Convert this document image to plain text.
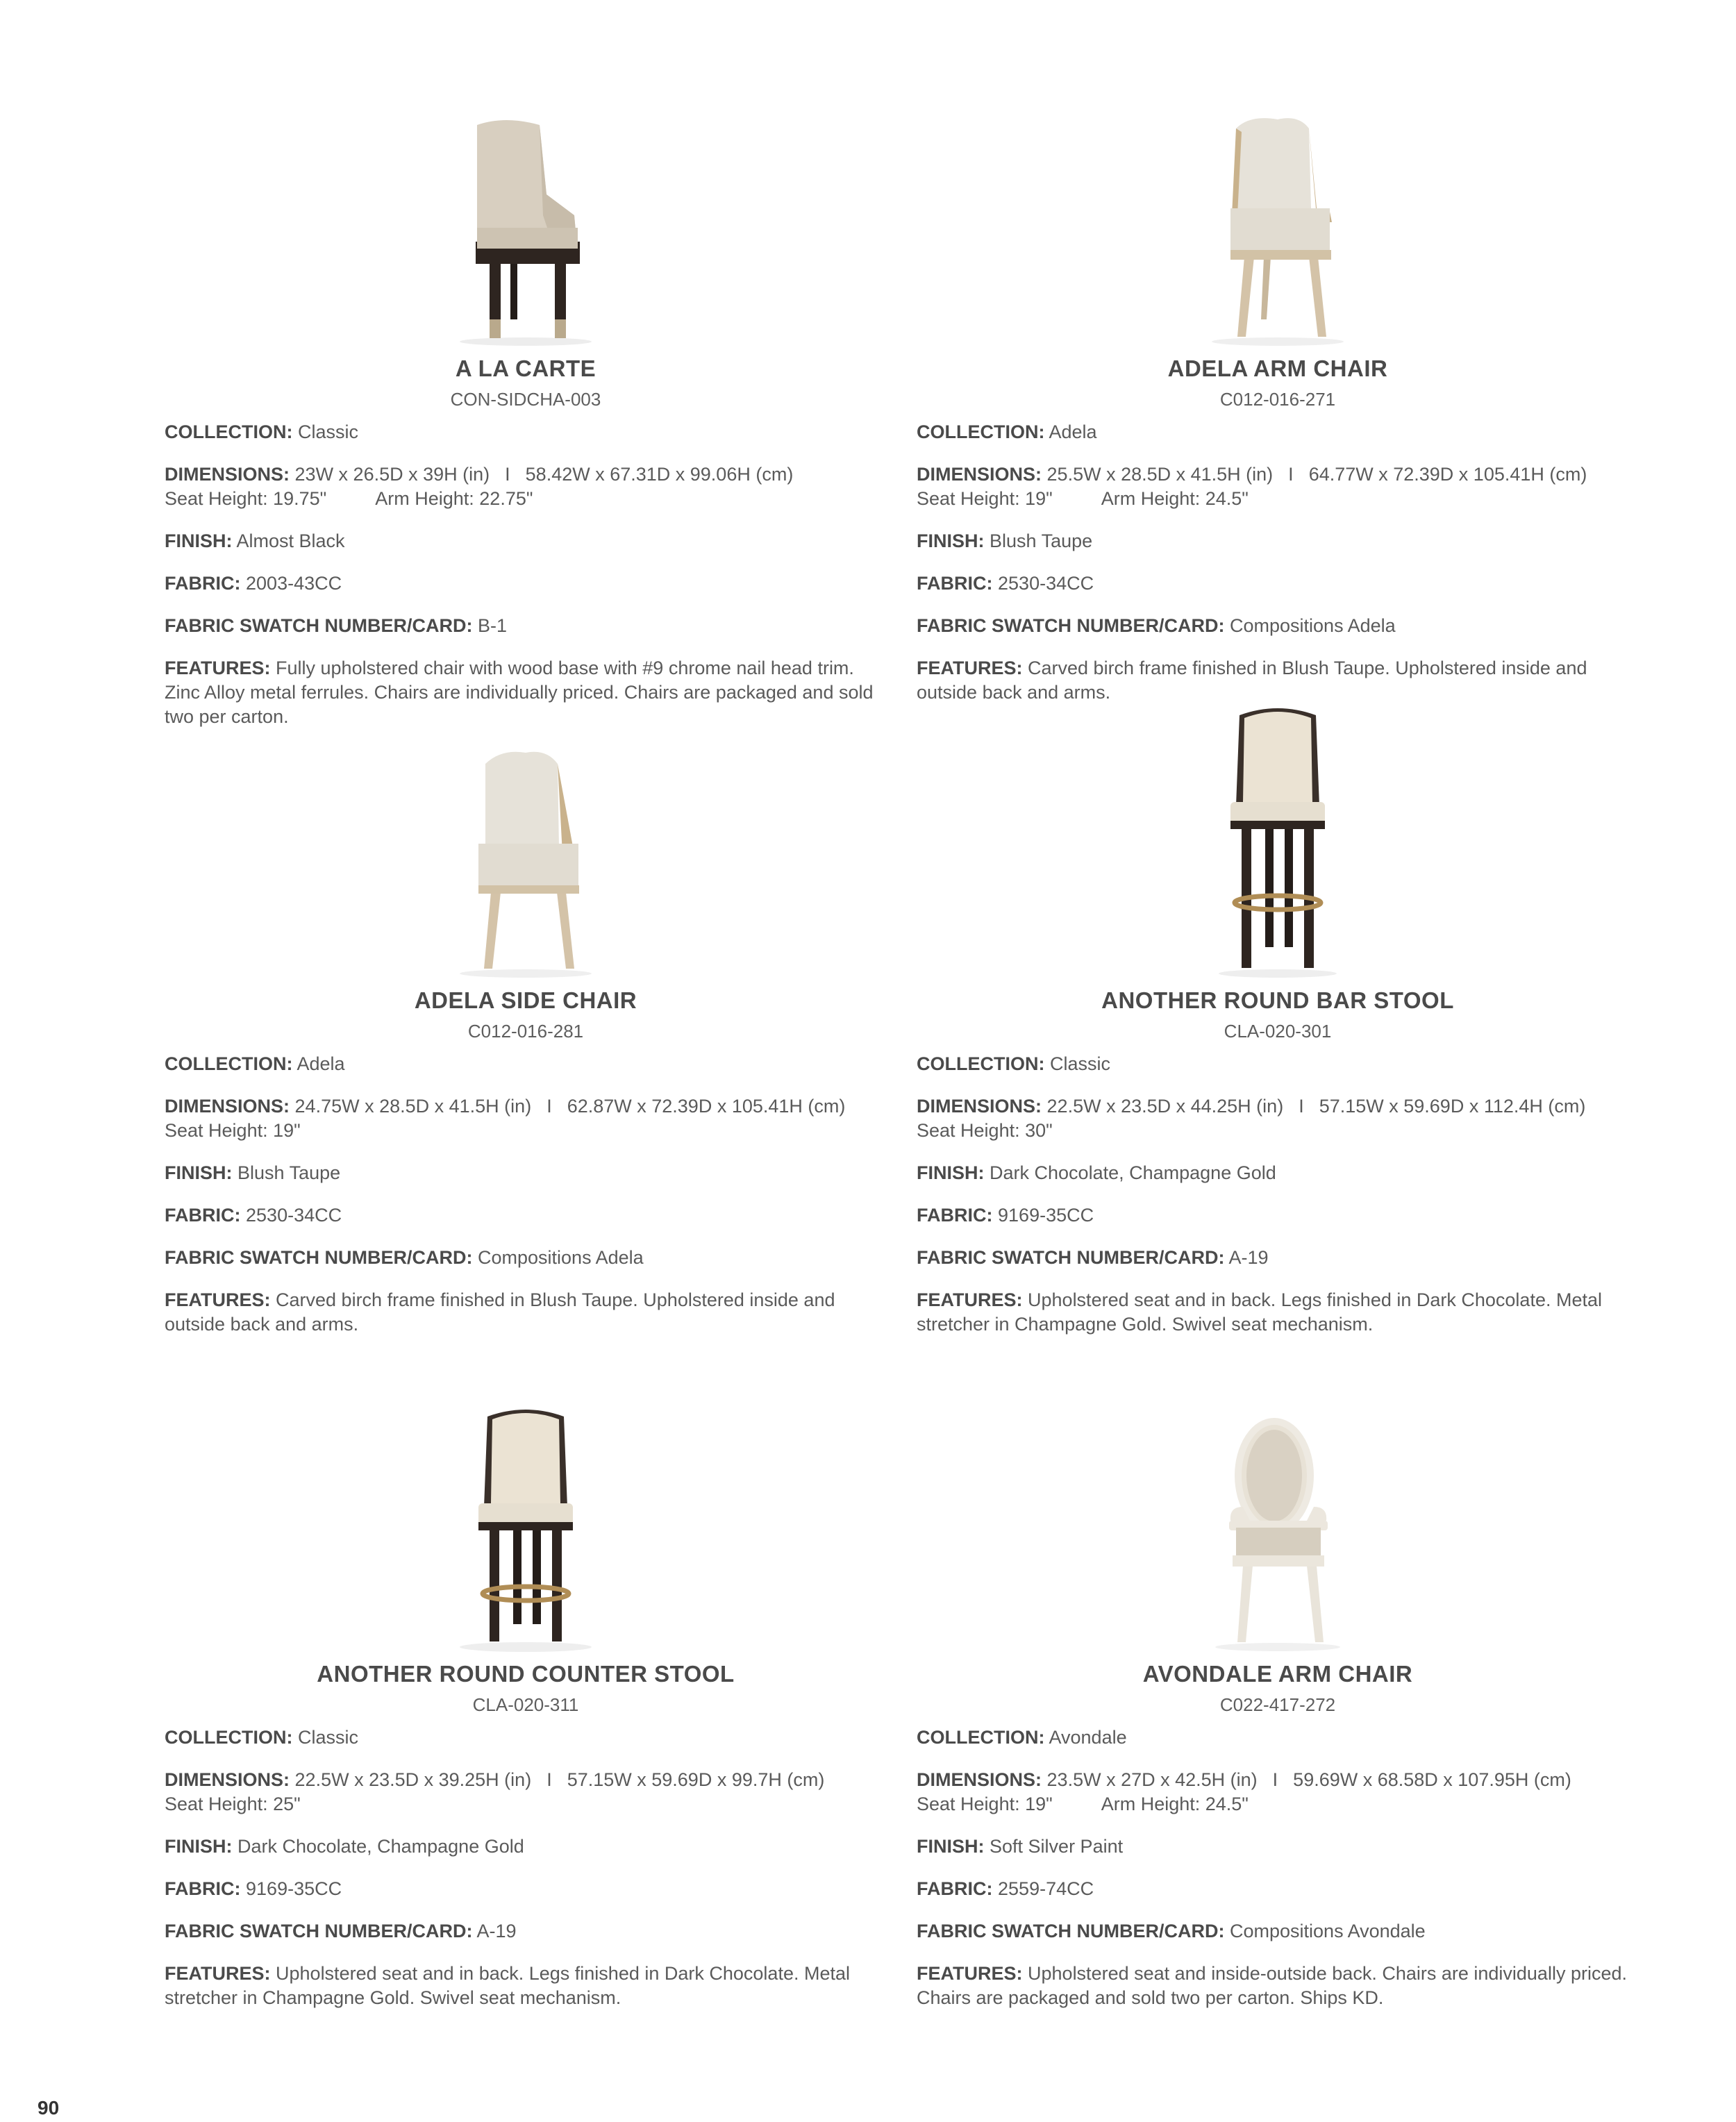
A LA CARTE
CON-SIDCHA-003
COLLECTION: Classic
DIMENSIONS: 23W x 26.5D x 39H (in) I 58.42W x 67.31D x 99.06H (cm)
Seat Height: 19.75"	Arm Height: 22.75"
FINISH: Almost Black
FABRIC: 2003-43CC
FABRIC SWATCH NUMBER/CARD: B-1
FEATURES: Fully upholstered chair with wood base with #9 chrome nail head trim. Zinc Alloy metal ferrules. Chairs are individually priced. Chairs are packaged and sold two per carton.
ADELA ARM CHAIR
C012-016-271
COLLECTION: Adela
DIMENSIONS: 25.5W x 28.5D x 41.5H (in) I 64.77W x 72.39D x 105.41H (cm)
Seat Height: 19"	Arm Height: 24.5"
FINISH: Blush Taupe
FABRIC: 2530-34CC
FABRIC SWATCH NUMBER/CARD: Compositions Adela
FEATURES: Carved birch frame finished in Blush Taupe. Upholstered inside and outside back and arms.
ADELA SIDE CHAIR
C012-016-281
COLLECTION: Adela
DIMENSIONS: 24.75W x 28.5D x 41.5H (in) I 62.87W x 72.39D x 105.41H (cm)
Seat Height: 19"
FINISH: Blush Taupe
FABRIC: 2530-34CC
FABRIC SWATCH NUMBER/CARD: Compositions Adela
FEATURES: Carved birch frame finished in Blush Taupe. Upholstered inside and outside back and arms.
ANOTHER ROUND BAR STOOL
CLA-020-301
COLLECTION: Classic
DIMENSIONS: 22.5W x 23.5D x 44.25H (in) I 57.15W x 59.69D x 112.4H (cm)
Seat Height: 30"
FINISH: Dark Chocolate, Champagne Gold
FABRIC: 9169-35CC
FABRIC SWATCH NUMBER/CARD: A-19
FEATURES: Upholstered seat and in back. Legs finished in Dark Chocolate. Metal stretcher in Champagne Gold. Swivel seat mechanism.
ANOTHER ROUND COUNTER STOOL
CLA-020-311
COLLECTION: Classic
DIMENSIONS: 22.5W x 23.5D x 39.25H (in) I 57.15W x 59.69D x 99.7H (cm)
Seat Height: 25"
FINISH: Dark Chocolate, Champagne Gold
FABRIC: 9169-35CC
FABRIC SWATCH NUMBER/CARD: A-19
FEATURES: Upholstered seat and in back. Legs finished in Dark Chocolate. Metal stretcher in Champagne Gold. Swivel seat mechanism.
AVONDALE ARM CHAIR
C022-417-272
COLLECTION: Avondale
DIMENSIONS: 23.5W x 27D x 42.5H (in) I 59.69W x 68.58D x 107.95H (cm)
Seat Height: 19"	Arm Height: 24.5"
FINISH: Soft Silver Paint
FABRIC: 2559-74CC
FABRIC SWATCH NUMBER/CARD: Compositions Avondale
FEATURES: Upholstered seat and inside-outside back. Chairs are individually priced. Chairs are packaged and sold two per carton. Ships KD.
90
